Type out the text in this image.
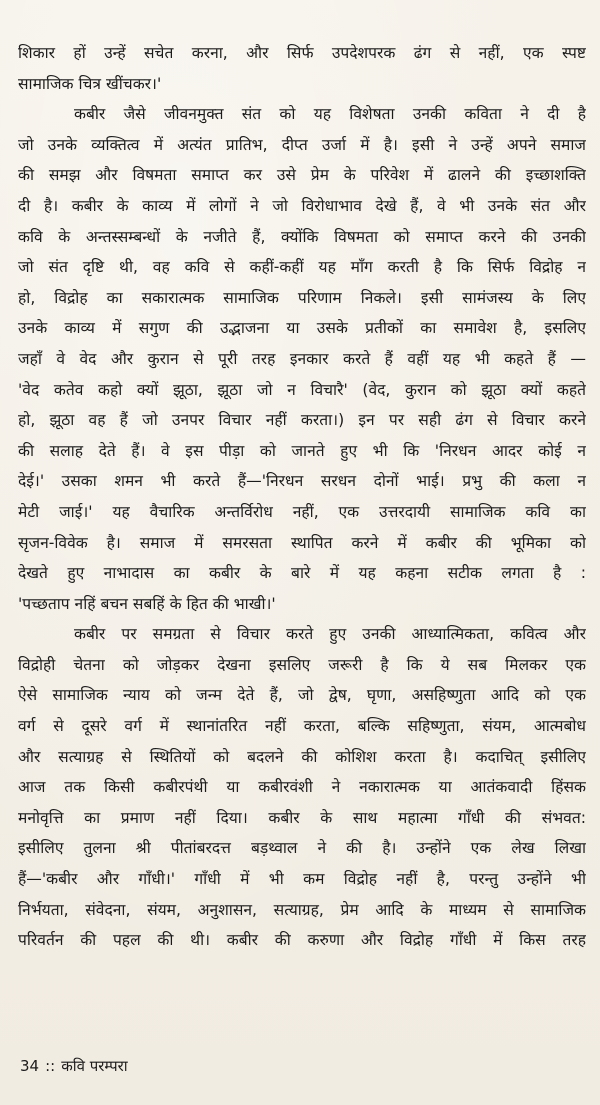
शिकार हों उन्हें सचेत करना, और सिर्फ उपदेशपरक ढंग से नहीं, एक स्पष्ट
सामाजिक चित्र खींचकर।'
कबीर जैसे जीवनमुक्त संत को यह विशेषता उनकी कविता ने दी है
जो उनके व्यक्तित्व में अत्यंत प्रातिभ, दीप्त उर्जा में है। इसी ने उन्हें अपने समाज
की समझ और विषमता समाप्त कर उसे प्रेम के परिवेश में ढालने की इच्छाशक्ति
दी है। कबीर के काव्य में लोगों ने जो विरोधाभाव देखे हैं, वे भी उनके संत और
कवि के अन्तस्सम्बन्धों के नजीते हैं, क्योंकि विषमता को समाप्त करने की उनकी
जो संत दृष्टि थी, वह कवि से कहीं-कहीं यह माँग करती है कि सिर्फ विद्रोह न
हो, विद्रोह का सकारात्मक सामाजिक परिणाम निकले। इसी सामंजस्य के लिए
उनके काव्य में सगुण की उद्भाजना या उसके प्रतीकों का समावेश है, इसलिए
जहाँ वे वेद और कुरान से पूरी तरह इनकार करते हैं वहीं यह भी कहते हैं —
'वेद कतेव कहो क्यों झूठा, झूठा जो न विचारै' (वेद, कुरान को झूठा क्यों कहते
हो, झूठा वह हैं जो उनपर विचार नहीं करता।) इन पर सही ढंग से विचार करने
की सलाह देते हैं। वे इस पीड़ा को जानते हुए भी कि 'निरधन आदर कोई न
देई।' उसका शमन भी करते हैं—'निरधन सरधन दोनों भाई। प्रभु की कला न
मेटी जाई।' यह वैचारिक अन्तर्विरोध नहीं, एक उत्तरदायी सामाजिक कवि का
सृजन-विवेक है। समाज में समरसता स्थापित करने में कबीर की भूमिका को
देखते हुए नाभादास का कबीर के बारे में यह कहना सटीक लगता है :
'पच्छताप नहिं बचन सबहिं के हित की भाखी।'
कबीर पर समग्रता से विचार करते हुए उनकी आध्यात्मिकता, कवित्व और
विद्रोही चेतना को जोड़कर देखना इसलिए जरूरी है कि ये सब मिलकर एक
ऐसे सामाजिक न्याय को जन्म देते हैं, जो द्वेष, घृणा, असहिष्णुता आदि को एक
वर्ग से दूसरे वर्ग में स्थानांतरित नहीं करता, बल्कि सहिष्णुता, संयम, आत्मबोध
और सत्याग्रह से स्थितियों को बदलने की कोशिश करता है। कदाचित् इसीलिए
आज तक किसी कबीरपंथी या कबीरवंशी ने नकारात्मक या आतंकवादी हिंसक
मनोवृत्ति का प्रमाण नहीं दिया। कबीर के साथ महात्मा गाँधी की संभवत:
इसीलिए तुलना श्री पीतांबरदत्त बड़थ्वाल ने की है। उन्होंने एक लेख लिखा
हैं—'कबीर और गाँधी।' गाँधी में भी कम विद्रोह नहीं है, परन्तु उन्होंने भी
निर्भयता, संवेदना, संयम, अनुशासन, सत्याग्रह, प्रेम आदि के माध्यम से सामाजिक
परिवर्तन की पहल की थी। कबीर की करुणा और विद्रोह गाँधी में किस तरह
34 :: कवि परम्परा
